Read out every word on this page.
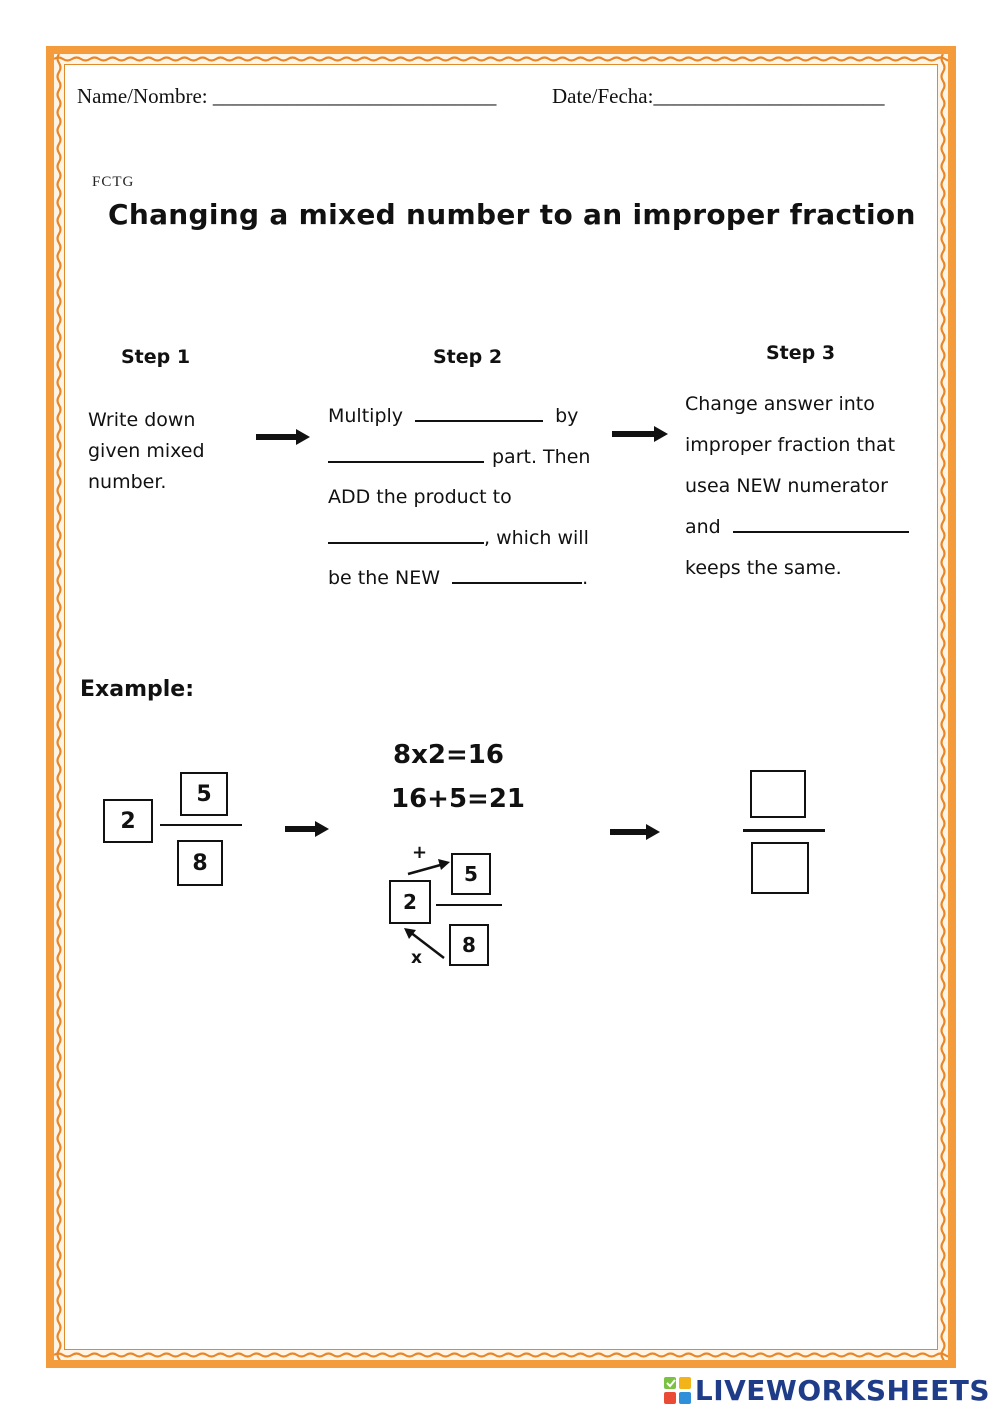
Name/Nombre: ___________________________	Date/Fecha:______________________
FCTG
Changing a mixed number to an improper fraction
Step 1
Write down
given mixed
number.
Step 2
Multiply	by
part. Then
ADD the product to
, which will
be the NEW	.
Step 3
Change answer into
improper fraction that
usea NEW numerator
and
keeps the same.
Example:
2
5
8
8x2=16
16+5=21
+
5
2
8
x
LIVEWORKSHEETS
